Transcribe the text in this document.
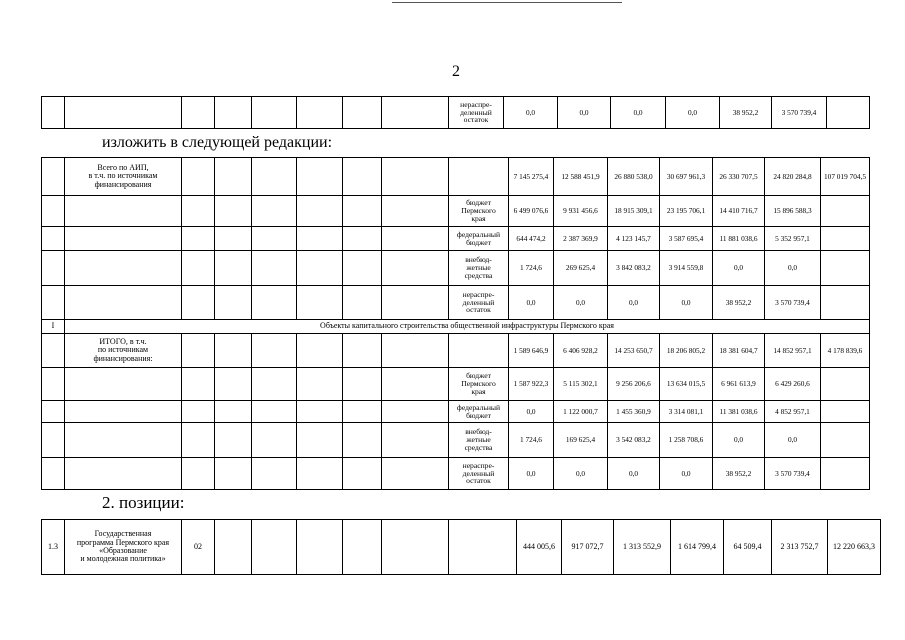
2
изложить в следующей редакции:
2. позиции:
								нераспре-
деленный
остаток	0,0	0,0	0,0	0,0	38 952,2	3 570 739,4	
	Всего по АИП,
в т.ч. по источникам
финансирования								7 145 275,4	12 588 451,9	26 880 538,0	30 697 961,3	26 330 707,5	24 820 284,8	107 019 704,5
								бюджет
Пермского
края	6 499 076,6	9 931 456,6	18 915 309,1	23 195 706,1	14 410 716,7	15 896 588,3	
								федеральный
бюджет	644 474,2	2 387 369,9	4 123 145,7	3 587 695,4	11 881 038,6	5 352 957,1	
								внебюд-
жетные
средства	1 724,6	269 625,4	3 842 083,2	3 914 559,8	0,0	0,0	
								нераспре-
деленный
остаток	0,0	0,0	0,0	0,0	38 952,2	3 570 739,4	
I	Объекты капитального строительства общественной инфраструктуры Пермского края														
	ИТОГО, в т.ч.
по источникам
финансирования:								1 589 646,9	6 406 928,2	14 253 650,7	18 206 805,2	18 381 604,7	14 852 957,1	4 178 839,6
								бюджет
Пермского
края	1 587 922,3	5 115 302,1	9 256 206,6	13 634 015,5	6 961 613,9	6 429 260,6	
								федеральный
бюджет	0,0	1 122 000,7	1 455 360,9	3 314 081,1	11 381 038,6	4 852 957,1	
								внебюд-
жетные
средства	1 724,6	169 625,4	3 542 083,2	1 258 708,6	0,0	0,0	
								нераспре-
деленный
остаток	0,0	0,0	0,0	0,0	38 952,2	3 570 739,4	
1.3	Государственная
программа Пермского края
«Образование
и молодежная политика»	02							444 005,6	917 072,7	1 313 552,9	1 614 799,4	64 509,4	2 313 752,7	12 220 663,3
